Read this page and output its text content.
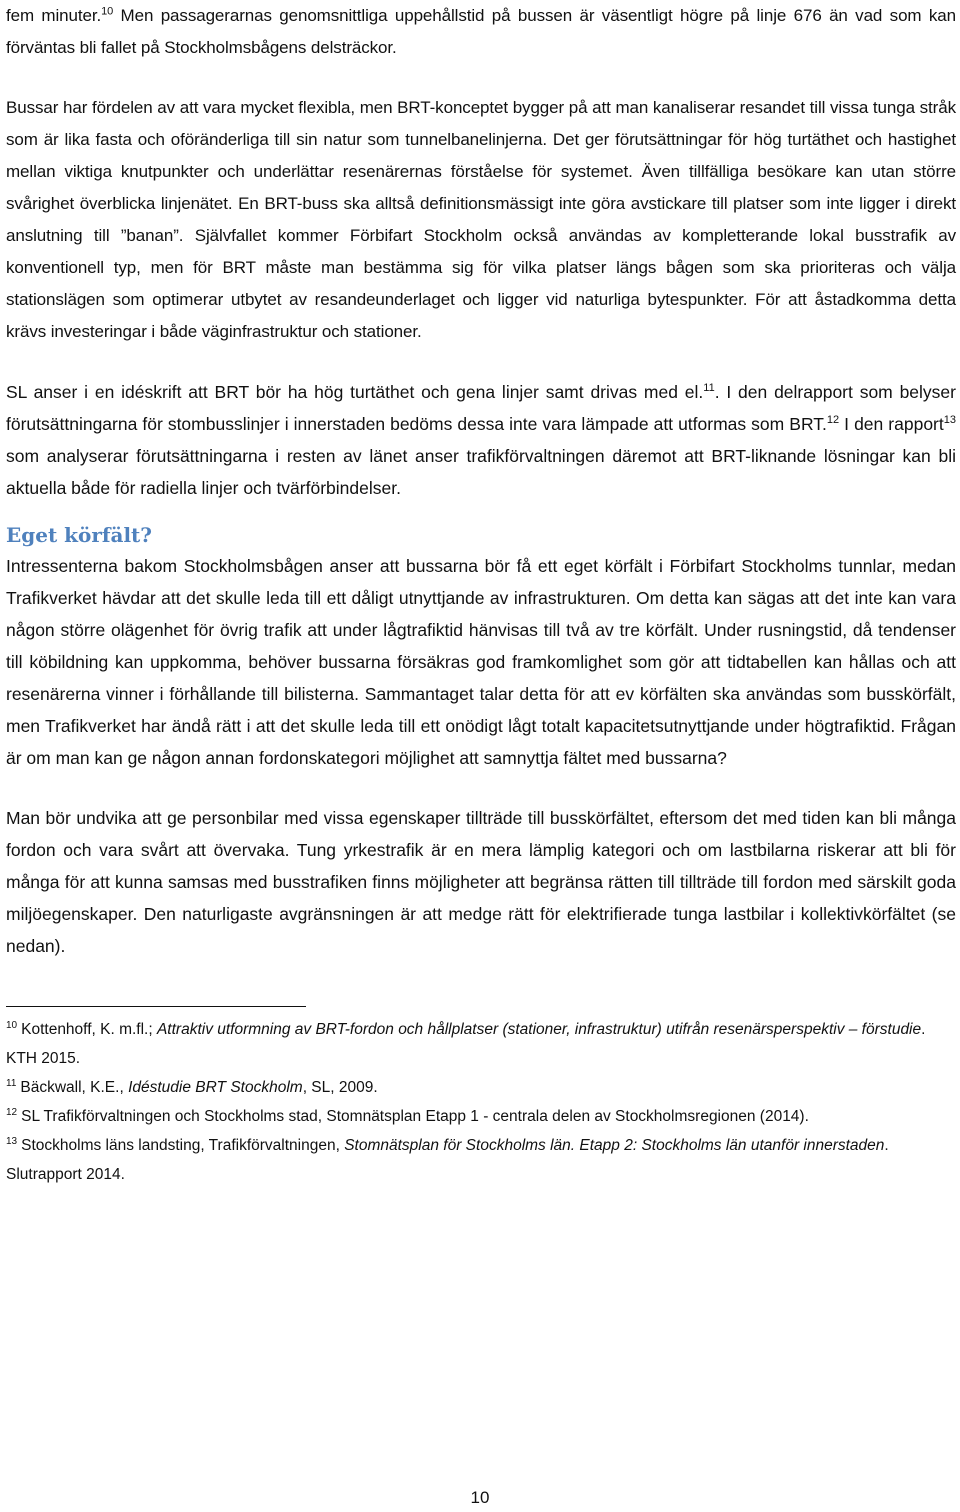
fem minuter.$^{10}$ Men passagerarnas genomsnittliga uppehållstid på bussen är väsentligt högre på linje 676 än vad som kan förväntas bli fallet på Stockholmsbågens delsträckor.

Bussar har fördelen av att vara mycket flexibla, men BRT-konceptet bygger på att man kanaliserar resandet till vissa tunga stråk som är lika fasta och oföränderliga till sin natur som tunnelbanelinjerna. Det ger förutsättningar för hög turtäthet och hastighet mellan viktiga knutpunkter och underlättar resenärernas förståelse för systemet. Även tillfälliga besökare kan utan större svårighet överblicka linjenätet. En BRT-buss ska alltså definitionsmässigt inte göra avstickare till platser som inte ligger i direkt anslutning till ”banan”. Självfallet kommer Förbifart Stockholm också användas av kompletterande lokal busstrafik av konventionell typ, men för BRT måste man bestämma sig för vilka platser längs bågen som ska prioriteras och välja stationslägen som optimerar utbytet av resandeunderlaget och ligger vid naturliga bytespunkter. För att åstadkomma detta krävs investeringar i både väginfrastruktur och stationer.

SL anser i en idéskrift att BRT bör ha hög turtäthet och gena linjer samt drivas med el.$^{11}$. I den delrapport som belyser förutsättningarna för stombusslinjer i innerstaden bedöms dessa inte vara lämpade att utformas som BRT.$^{12}$ I den rapport$^{13}$ som analyserar förutsättningarna i resten av länet anser trafikförvaltningen däremot att BRT-liknande lösningar kan bli aktuella både för radiella linjer och tvärförbindelser.

Eget körfält?

Intressenterna bakom Stockholmsbågen anser att bussarna bör få ett eget körfält i Förbifart Stockholms tunnlar, medan Trafikverket hävdar att det skulle leda till ett dåligt utnyttjande av infrastrukturen. Om detta kan sägas att det inte kan vara någon större olägenhet för övrig trafik att under lågtrafiktid hänvisas till två av tre körfält. Under rusningstid, då tendenser till köbildning kan uppkomma, behöver bussarna försäkras god framkomlighet som gör att tidtabellen kan hållas och att resenärerna vinner i förhållande till bilisterna. Sammantaget talar detta för att ev körfälten ska användas som busskörfält, men Trafikverket har ändå rätt i att det skulle leda till ett onödigt lågt totalt kapacitetsutnyttjande under högtrafiktid. Frågan är om man kan ge någon annan fordonskategori möjlighet att samnyttja fältet med bussarna?

Man bör undvika att ge personbilar med vissa egenskaper tillträde till busskörfältet, eftersom det med tiden kan bli många fordon och vara svårt att övervaka. Tung yrkestrafik är en mera lämplig kategori och om lastbilarna riskerar att bli för många för att kunna samsas med busstrafiken finns möjligheter att begränsa rätten till tillträde till fordon med särskilt goda miljöegenskaper. Den naturligaste avgränsningen är att medge rätt för elektrifierade tunga lastbilar i kollektivkörfältet (se nedan).

$^{10}$ Kottenhoff, K. m.fl.; Attraktiv utformning av BRT-fordon och hållplatser (stationer, infrastruktur) utifrån resenärsperspektiv – förstudie. KTH 2015.

$^{11}$ Bäckwall, K.E., Idéstudie BRT Stockholm, SL, 2009.

$^{12}$ SL Trafikförvaltningen och Stockholms stad, Stomnätsplan Etapp 1 - centrala delen av Stockholmsregionen (2014).

$^{13}$ Stockholms läns landsting, Trafikförvaltningen, Stomnätsplan för Stockholms län. Etapp 2: Stockholms län utanför innerstaden. Slutrapport 2014.

10
